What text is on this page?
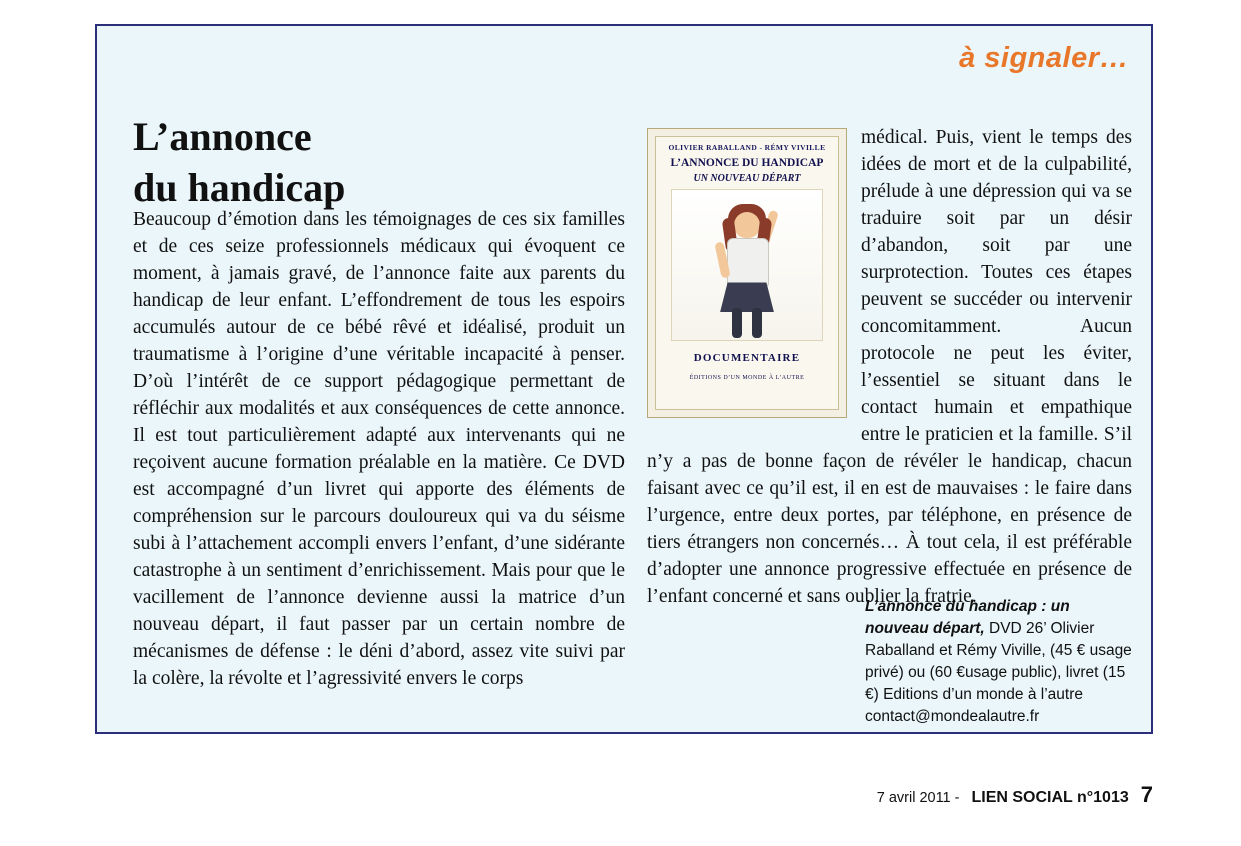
à signaler…
L’annonce
du handicap

Beaucoup d’émotion dans les témoignages de ces six familles et de ces seize professionnels médicaux qui évoquent ce moment, à jamais gravé, de l’annonce faite aux parents du handicap de leur enfant. L’effondrement de tous les espoirs accumulés autour de ce bébé rêvé et idéalisé, produit un traumatisme à l’origine d’une véritable incapacité à penser. D’où l’intérêt de ce support pédagogique permettant de réfléchir aux modalités et aux conséquences de cette annonce. Il est tout particulièrement adapté aux intervenants qui ne reçoivent aucune formation préalable en la matière. Ce DVD est accompagné d’un livret qui apporte des éléments de compréhension sur le parcours douloureux qui va du séisme subi à l’attachement accompli envers l’enfant, d’une sidérante catastrophe à un sentiment d’enrichissement. Mais pour que le vacillement de l’annonce devienne aussi la matrice d’un nouveau départ, il faut passer par un certain nombre de mécanismes de défense : le déni d’abord, assez vite suivi par la colère, la révolte et l’agressivité envers le corps

OLIVIER RABALLAND - RÉMY VIVILLE
L’ANNONCE DU HANDICAP
UN NOUVEAU DÉPART
DOCUMENTAIRE
ÉDITIONS D’UN MONDE À L’AUTRE

médical. Puis, vient le temps des idées de mort et de la culpabilité, prélude à une dépression qui va se traduire soit par un désir d’abandon, soit par une surprotection. Toutes ces étapes peuvent se succéder ou intervenir concomitamment. Aucun protocole ne peut les éviter, l’essentiel se situant dans le contact humain et empathique entre le praticien et la famille. S’il n’y a pas de bonne façon de révéler le handicap, chacun faisant avec ce qu’il est, il en est de mauvaises : le faire dans l’urgence, entre deux portes, par téléphone, en présence de tiers étrangers non concernés… À tout cela, il est préférable d’adopter une annonce progressive effectuée en présence de l’enfant concerné et sans oublier la fratrie.

L’annonce du handicap : un nouveau départ, DVD 26’ Olivier Raballand et Rémy Viville, (45 € usage privé) ou (60 €usage public), livret (15 €) Editions d’un monde à l’autre contact@mondealautre.fr
7 avril 2011 - LIEN SOCIAL n°1013 7
